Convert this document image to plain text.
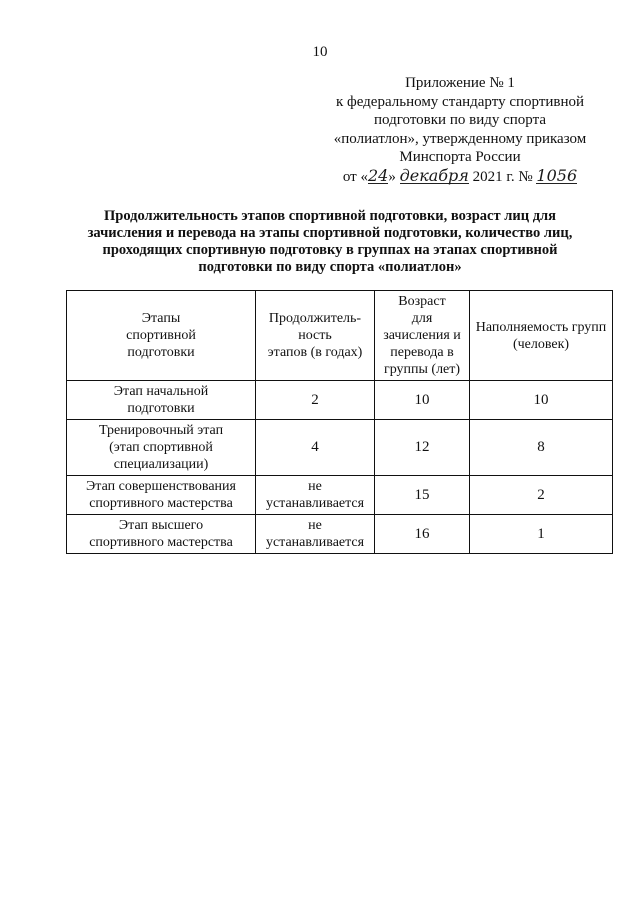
10
Приложение № 1
к федеральному стандарту спортивной
подготовки по виду спорта
«полиатлон», утвержденному приказом
Минспорта России
от «24» декабря 2021 г. № 1056
Продолжительность этапов спортивной подготовки, возраст лиц для
зачисления и перевода на этапы спортивной подготовки, количество лиц,
проходящих спортивную подготовку в группах на этапах спортивной
подготовки по виду спорта «полиатлон»
Этапы
спортивной
подготовки	Продолжитель-
ность
этапов (в годах)	Возраст
для
зачисления и
перевода в
группы (лет)	Наполняемость групп
(человек)

Этап начальной
подготовки	2	10	10

Тренировочный этап
(этап спортивной
специализации)	4	12	8

Этап совершенствования
спортивного мастерства	не
устанавливается	15	2

Этап высшего
спортивного мастерства	не
устанавливается	16	1
